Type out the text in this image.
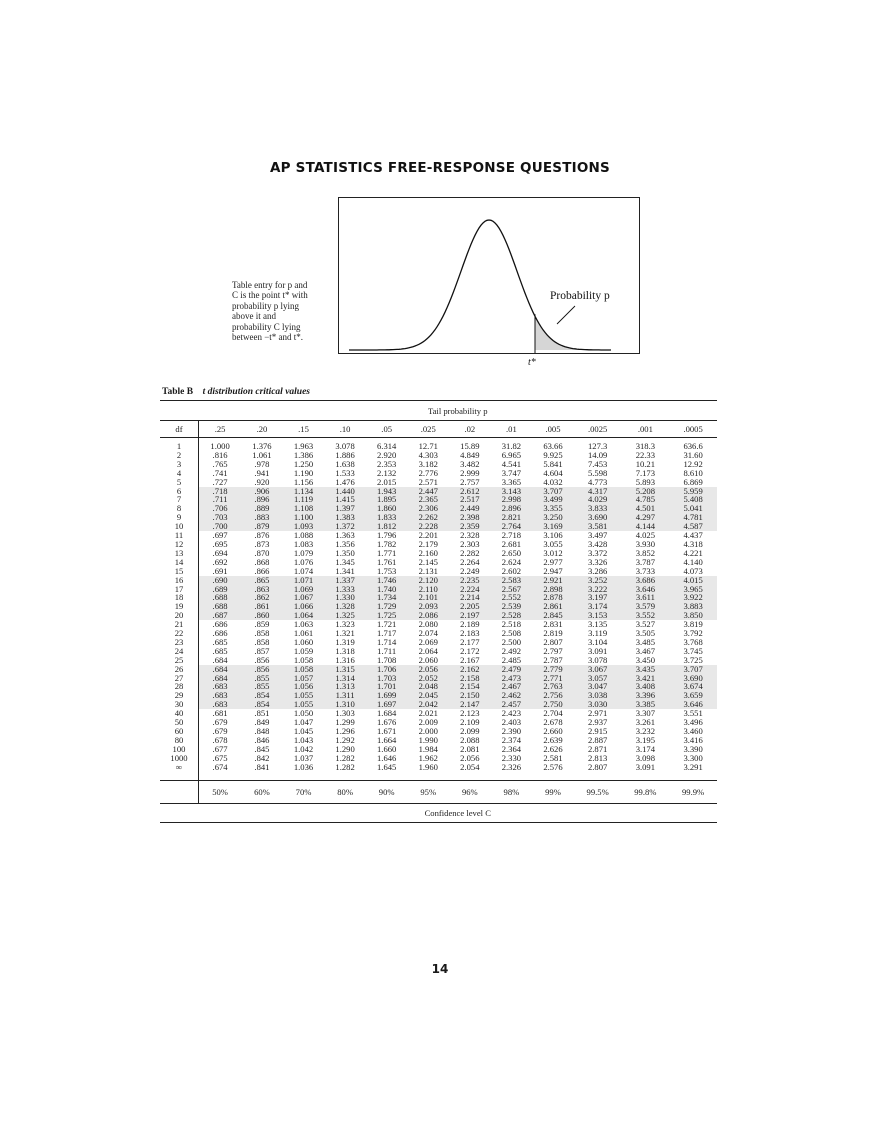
AP STATISTICS FREE-RESPONSE QUESTIONS
Probability p
t*
Table entry for p and
C is the point t* with
probability p lying
above it and
probability C lying
between −t* and t*.
Table B t distribution critical values
	Tail probability p											
df	.25	.20	.15	.10	.05	.025	.02	.01	.005	.0025	.001	.0005
1	1.000	1.376	1.963	3.078	6.314	12.71	15.89	31.82	63.66	127.3	318.3	636.6
2	.816	1.061	1.386	1.886	2.920	4.303	4.849	6.965	9.925	14.09	22.33	31.60
3	.765	.978	1.250	1.638	2.353	3.182	3.482	4.541	5.841	7.453	10.21	12.92
4	.741	.941	1.190	1.533	2.132	2.776	2.999	3.747	4.604	5.598	7.173	8.610
5	.727	.920	1.156	1.476	2.015	2.571	2.757	3.365	4.032	4.773	5.893	6.869
6	.718	.906	1.134	1.440	1.943	2.447	2.612	3.143	3.707	4.317	5.208	5.959
7	.711	.896	1.119	1.415	1.895	2.365	2.517	2.998	3.499	4.029	4.785	5.408
8	.706	.889	1.108	1.397	1.860	2.306	2.449	2.896	3.355	3.833	4.501	5.041
9	.703	.883	1.100	1.383	1.833	2.262	2.398	2.821	3.250	3.690	4.297	4.781
10	.700	.879	1.093	1.372	1.812	2.228	2.359	2.764	3.169	3.581	4.144	4.587
11	.697	.876	1.088	1.363	1.796	2.201	2.328	2.718	3.106	3.497	4.025	4.437
12	.695	.873	1.083	1.356	1.782	2.179	2.303	2.681	3.055	3.428	3.930	4.318
13	.694	.870	1.079	1.350	1.771	2.160	2.282	2.650	3.012	3.372	3.852	4.221
14	.692	.868	1.076	1.345	1.761	2.145	2.264	2.624	2.977	3.326	3.787	4.140
15	.691	.866	1.074	1.341	1.753	2.131	2.249	2.602	2.947	3.286	3.733	4.073
16	.690	.865	1.071	1.337	1.746	2.120	2.235	2.583	2.921	3.252	3.686	4.015
17	.689	.863	1.069	1.333	1.740	2.110	2.224	2.567	2.898	3.222	3.646	3.965
18	.688	.862	1.067	1.330	1.734	2.101	2.214	2.552	2.878	3.197	3.611	3.922
19	.688	.861	1.066	1.328	1.729	2.093	2.205	2.539	2.861	3.174	3.579	3.883
20	.687	.860	1.064	1.325	1.725	2.086	2.197	2.528	2.845	3.153	3.552	3.850
21	.686	.859	1.063	1.323	1.721	2.080	2.189	2.518	2.831	3.135	3.527	3.819
22	.686	.858	1.061	1.321	1.717	2.074	2.183	2.508	2.819	3.119	3.505	3.792
23	.685	.858	1.060	1.319	1.714	2.069	2.177	2.500	2.807	3.104	3.485	3.768
24	.685	.857	1.059	1.318	1.711	2.064	2.172	2.492	2.797	3.091	3.467	3.745
25	.684	.856	1.058	1.316	1.708	2.060	2.167	2.485	2.787	3.078	3.450	3.725
26	.684	.856	1.058	1.315	1.706	2.056	2.162	2.479	2.779	3.067	3.435	3.707
27	.684	.855	1.057	1.314	1.703	2.052	2.158	2.473	2.771	3.057	3.421	3.690
28	.683	.855	1.056	1.313	1.701	2.048	2.154	2.467	2.763	3.047	3.408	3.674
29	.683	.854	1.055	1.311	1.699	2.045	2.150	2.462	2.756	3.038	3.396	3.659
30	.683	.854	1.055	1.310	1.697	2.042	2.147	2.457	2.750	3.030	3.385	3.646
40	.681	.851	1.050	1.303	1.684	2.021	2.123	2.423	2.704	2.971	3.307	3.551
50	.679	.849	1.047	1.299	1.676	2.009	2.109	2.403	2.678	2.937	3.261	3.496
60	.679	.848	1.045	1.296	1.671	2.000	2.099	2.390	2.660	2.915	3.232	3.460
80	.678	.846	1.043	1.292	1.664	1.990	2.088	2.374	2.639	2.887	3.195	3.416
100	.677	.845	1.042	1.290	1.660	1.984	2.081	2.364	2.626	2.871	3.174	3.390
1000	.675	.842	1.037	1.282	1.646	1.962	2.056	2.330	2.581	2.813	3.098	3.300
∞	.674	.841	1.036	1.282	1.645	1.960	2.054	2.326	2.576	2.807	3.091	3.291
	50%	60%	70%	80%	90%	95%	96%	98%	99%	99.5%	99.8%	99.9%
	Confidence level C											
14
